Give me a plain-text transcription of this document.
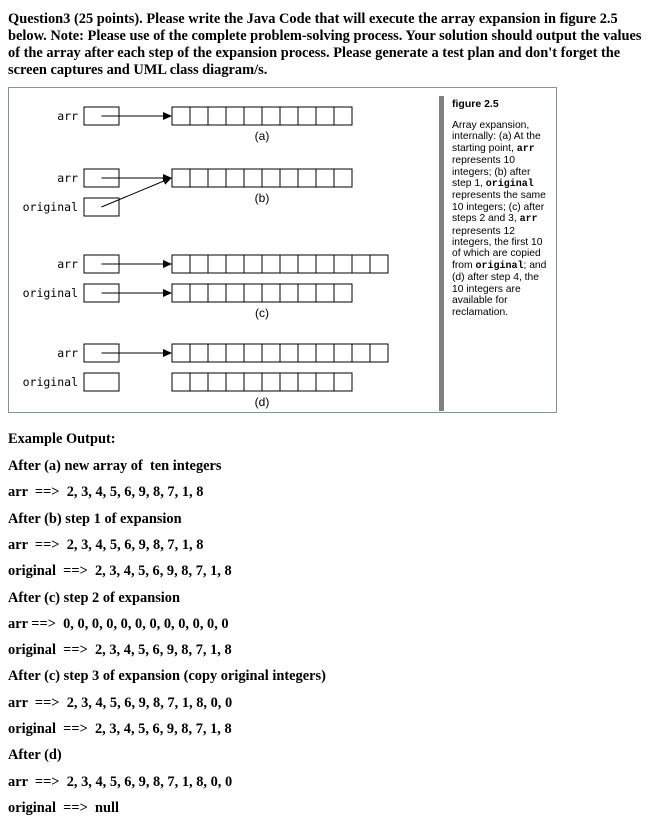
Question3 (25 points). Please write the Java Code that will execute the array expansion in figure 2.5 below. Note: Please use of the complete problem-solving process. Your solution should output the values of the array after each step of the expansion process. Please generate a test plan and don't forget the screen captures and UML class diagram/s.

arr
(a)
arr
original
(b)
arr
original
(c)
arr
original
(d)
figure 2.5
Array expansion, internally: (a) At the starting point, arr represents 10 integers; (b) after step 1, original represents the same 10 integers; (c) after steps 2 and 3, arr represents 12 integers, the first 10 of which are copied from original; and (d) after step 4, the 10 integers are available for reclamation.

Example Output:

After (a) new array of  ten integers

arr  ==>  2, 3, 4, 5, 6, 9, 8, 7, 1, 8

After (b) step 1 of expansion

arr  ==>  2, 3, 4, 5, 6, 9, 8, 7, 1, 8

original  ==>  2, 3, 4, 5, 6, 9, 8, 7, 1, 8

After (c) step 2 of expansion

arr ==>  0, 0, 0, 0, 0, 0, 0, 0, 0, 0, 0, 0

original  ==>  2, 3, 4, 5, 6, 9, 8, 7, 1, 8

After (c) step 3 of expansion (copy original integers)

arr  ==>  2, 3, 4, 5, 6, 9, 8, 7, 1, 8, 0, 0

original  ==>  2, 3, 4, 5, 6, 9, 8, 7, 1, 8

After (d)

arr  ==>  2, 3, 4, 5, 6, 9, 8, 7, 1, 8, 0, 0

original  ==>  null
